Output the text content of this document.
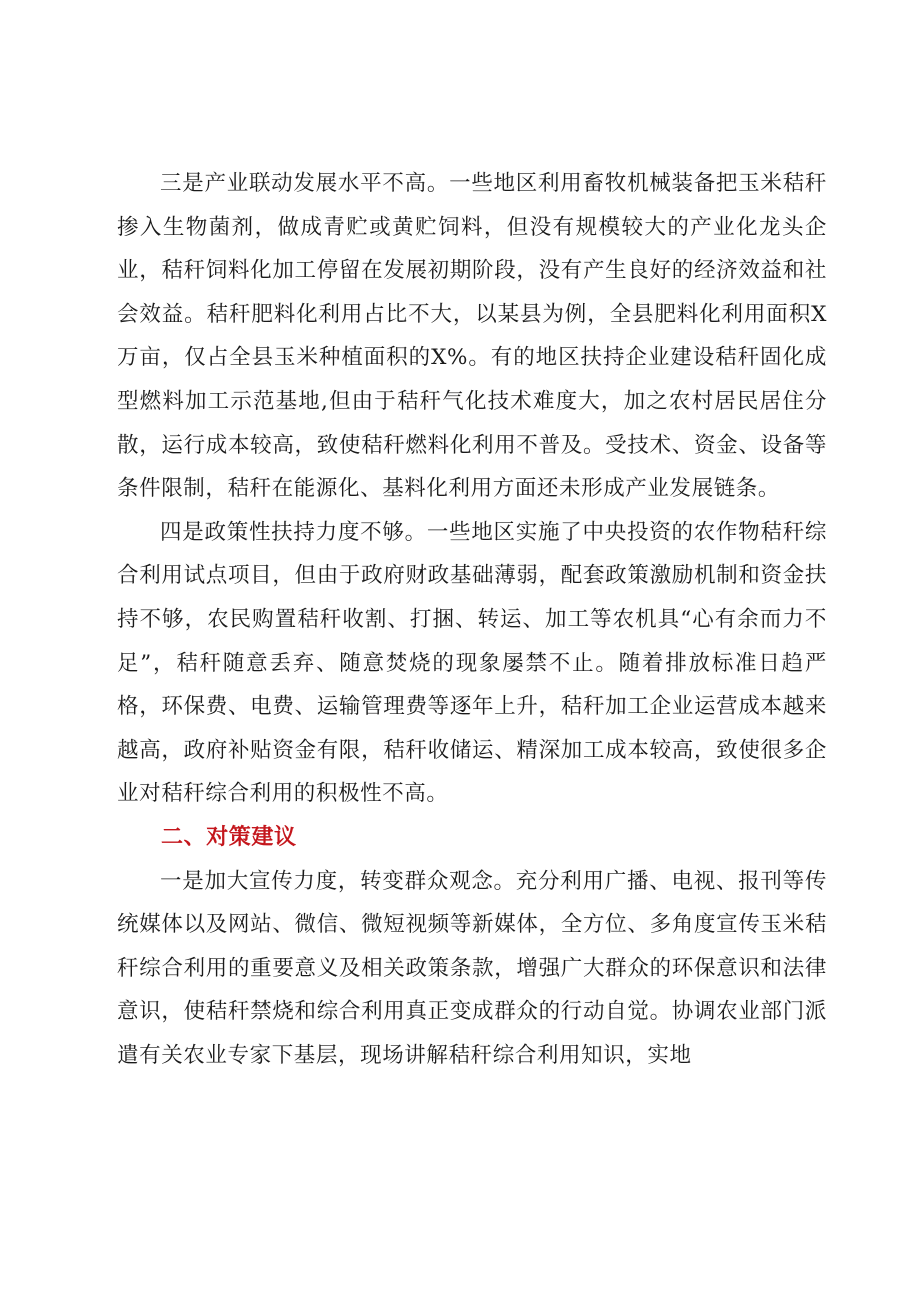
三是产业联动发展水平不高。一些地区利用畜牧机械装备把玉米秸秆掺入生物菌剂，做成青贮或黄贮饲料，但没有规模较大的产业化龙头企业，秸秆饲料化加工停留在发展初期阶段，没有产生良好的经济效益和社会效益。秸秆肥料化利用占比不大，以某县为例，全县肥料化利用面积X万亩，仅占全县玉米种植面积的X%。有的地区扶持企业建设秸秆固化成型燃料加工示范基地,但由于秸秆气化技术难度大，加之农村居民居住分散，运行成本较高，致使秸秆燃料化利用不普及。受技术、资金、设备等条件限制，秸秆在能源化、基料化利用方面还未形成产业发展链条。

四是政策性扶持力度不够。一些地区实施了中央投资的农作物秸秆综合利用试点项目，但由于政府财政基础薄弱，配套政策激励机制和资金扶持不够，农民购置秸秆收割、打捆、转运、加工等农机具“心有余而力不足”，秸秆随意丢弃、随意焚烧的现象屡禁不止。随着排放标准日趋严格，环保费、电费、运输管理费等逐年上升，秸秆加工企业运营成本越来越高，政府补贴资金有限，秸秆收储运、精深加工成本较高，致使很多企业对秸秆综合利用的积极性不高。

二、对策建议

一是加大宣传力度，转变群众观念。充分利用广播、电视、报刊等传统媒体以及网站、微信、微短视频等新媒体，全方位、多角度宣传玉米秸秆综合利用的重要意义及相关政策条款，增强广大群众的环保意识和法律意识，使秸秆禁烧和综合利用真正变成群众的行动自觉。协调农业部门派遣有关农业专家下基层，现场讲解秸秆综合利用知识，实地
